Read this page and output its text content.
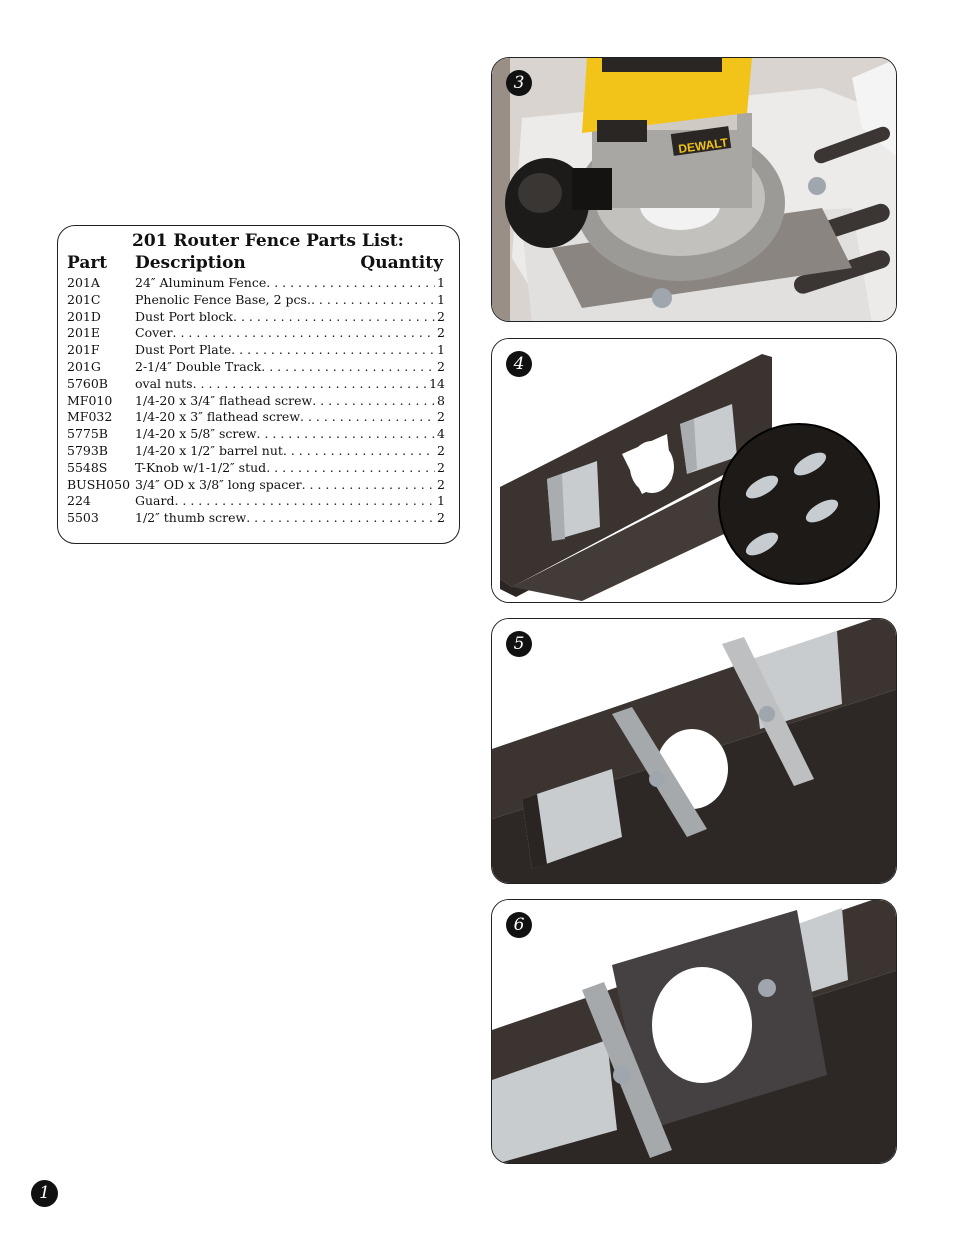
201 Router Fence Parts List:
Part Description	Quantity
201A	24″ Aluminum Fence . . .	1
201C	Phenolic Fence Base, 2 pcs. . . .	1
201D	Dust Port block . . .	2
201E	Cover . . .	2
201F	Dust Port Plate . . .	1
201G	2-1/4″ Double Track . . .	2
5760B	oval nuts . . .	14
MF010	1/4-20 x 3/4″ flathead screw . . .	8
MF032	1/4-20 x 3″ flathead screw . . .	2
5775B	1/4-20 x 5/8″ screw . . .	4
5793B	1/4-20 x 1/2″ barrel nut . . .	2
5548S	T-Knob w/1-1/2″ stud . . .	2
BUSH050 3/4″ OD x 3/8″ long spacer . . .	2
224	Guard . . .	1
5503	1/2″ thumb screw . . .	2
3
DEWALT
4
5
6
1
